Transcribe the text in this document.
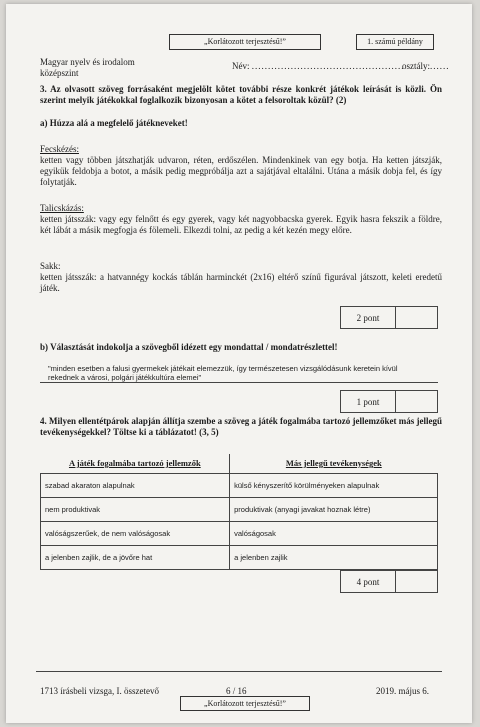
„Korlátozott terjesztésű!”	1. számú példány
Magyar nyelv és irodalom
középszint
Név: ...............................................
osztály:......
3. Az olvasott szöveg forrásaként megjelölt kötet további része konkrét játékok leírását is közli. Ön szerint melyik játékokkal foglalkozik bizonyosan a kötet a felsoroltak közül? (2)
a) Húzza alá a megfelelő játékneveket!
Fecskézés:
ketten vagy többen játszhatják udvaron, réten, erdőszélen. Mindenkinek van egy botja. Ha ketten játszják, egyikük feldobja a botot, a másik pedig megpróbálja azt a sajátjával eltalálni. Utána a másik dobja fel, és így folytatják.
Talicskázás:
ketten játsszák: vagy egy felnőtt és egy gyerek, vagy két nagyobbacska gyerek. Egyik hasra fekszik a földre, két lábát a másik megfogja és fölemeli. Elkezdi tolni, az pedig a két kezén megy előre.
Sakk:
ketten játsszák: a hatvannégy kockás táblán harminckét (2x16) eltérő színű figurával játszott, keleti eredetű játék.
2 pont
b) Választását indokolja a szövegből idézett egy mondattal / mondatrészlettel!
"minden esetben a falusi gyermekek játékait elemezzük, így természetesen vizsgálódásunk keretein kívül rekednek a városi, polgári játékkultúra elemei"
1 pont
4. Milyen ellentétpárok alapján állítja szembe a szöveg a játék fogalmába tartozó jellemzőket más jellegű tevékenységekkel? Töltse ki a táblázatot! (3, 5)
A játék fogalmába tartozó jellemzők	Más jellegű tevékenységek
szabad akaraton alapulnak	külső kényszerítő körülményeken alapulnak
nem produktivak	produktivak (anyagi javakat hoznak létre)
valóságszerűek, de nem valóságosak	valóságosak
a jelenben zajlik, de a jövőre hat	a jelenben zajlik
4 pont
1713 írásbeli vizsga, I. összetevő	6 / 16	2019. május 6.
„Korlátozott terjesztésű!”
